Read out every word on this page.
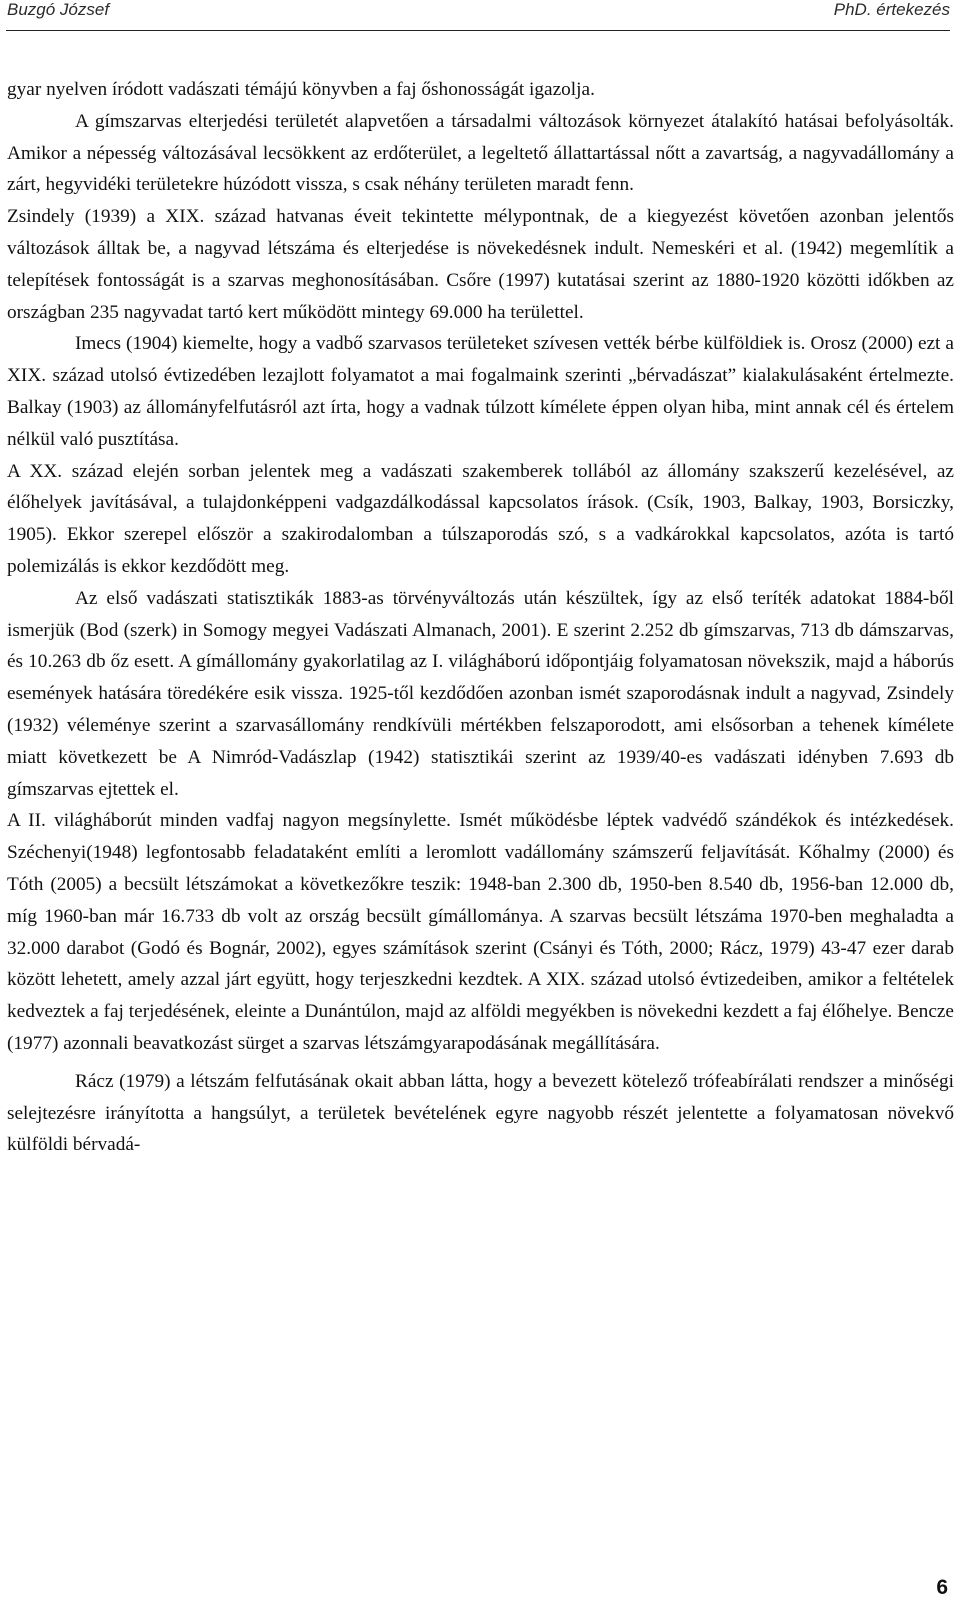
Buzgó József	PhD. értekezés

gyar nyelven íródott vadászati témájú könyvben a faj őshonosságát igazolja.

A gímszarvas elterjedési területét alapvetően a társadalmi változások környezet átalakító hatásai befolyásolták. Amikor a népesség változásával lecsökkent az erdőterület, a legeltető állattartással nőtt a zavartság, a nagyvadállomány a zárt, hegyvidéki területekre húzódott vissza, s csak néhány területen maradt fenn.

Zsindely (1939) a XIX. század hatvanas éveit tekintette mélypontnak, de a kiegyezést követően azonban jelentős változások álltak be, a nagyvad létszáma és elterjedése is növekedésnek indult. Nemeskéri et al. (1942) megemlítik a telepítések fontosságát is a szarvas meghonosításában. Csőre (1997) kutatásai szerint az 1880-1920 közötti időkben az országban 235 nagyvadat tartó kert működött mintegy 69.000 ha területtel.

Imecs (1904) kiemelte, hogy a vadbő szarvasos területeket szívesen vették bérbe külföldiek is. Orosz (2000) ezt a XIX. század utolsó évtizedében lezajlott folyamatot a mai fogalmaink szerinti „bérvadászat” kialakulásaként értelmezte. Balkay (1903) az állományfelfutásról azt írta, hogy a vadnak túlzott kímélete éppen olyan hiba, mint annak cél és értelem nélkül való pusztítása.

A XX. század elején sorban jelentek meg a vadászati szakemberek tollából az állomány szakszerű kezelésével, az élőhelyek javításával, a tulajdonképpeni vadgazdálkodással kapcsolatos írások. (Csík, 1903, Balkay, 1903, Borsiczky, 1905). Ekkor szerepel először a szakirodalomban a túlszaporodás szó, s a vadkárokkal kapcsolatos, azóta is tartó polemizálás is ekkor kezdődött meg.

Az első vadászati statisztikák 1883-as törvényváltozás után készültek, így az első teríték adatokat 1884-ből ismerjük (Bod (szerk) in Somogy megyei Vadászati Almanach, 2001). E szerint 2.252 db gímszarvas, 713 db dámszarvas, és 10.263 db őz esett. A gímállomány gyakorlatilag az I. világháború időpontjáig folyamatosan növekszik, majd a háborús események hatására töredékére esik vissza. 1925-től kezdődően azonban ismét szaporodásnak indult a nagyvad, Zsindely (1932) véleménye szerint a szarvasállomány rendkívüli mértékben felszaporodott, ami elsősorban a tehenek kímélete miatt következett be A Nimród-Vadászlap (1942) statisztikái szerint az 1939/40-es vadászati idényben 7.693 db gímszarvas ejtettek el.

A II. világháborút minden vadfaj nagyon megsínylette. Ismét működésbe léptek vadvédő szándékok és intézkedések. Széchenyi(1948) legfontosabb feladataként említi a leromlott vadállomány számszerű feljavítását. Kőhalmy (2000) és Tóth (2005) a becsült létszámokat a következőkre teszik: 1948-ban 2.300 db, 1950-ben 8.540 db, 1956-ban 12.000 db, míg 1960-ban már 16.733 db volt az ország becsült gímállománya. A szarvas becsült létszáma 1970-ben meghaladta a 32.000 darabot (Godó és Bognár, 2002), egyes számítások szerint (Csányi és Tóth, 2000; Rácz, 1979) 43-47 ezer darab között lehetett, amely azzal járt együtt, hogy terjeszkedni kezdtek. A XIX. század utolsó évtizedeiben, amikor a feltételek kedveztek a faj terjedésének, eleinte a Dunántúlon, majd az alföldi megyékben is növekedni kezdett a faj élőhelye. Bencze (1977) azonnali beavatkozást sürget a szarvas létszámgyarapodásának megállítására.

Rácz (1979) a létszám felfutásának okait abban látta, hogy a bevezett kötelező trófeabírálati rendszer a minőségi selejtezésre irányította a hangsúlyt, a területek bevételének egyre nagyobb részét jelentette a folyamatosan növekvő külföldi bérvadá-

6
